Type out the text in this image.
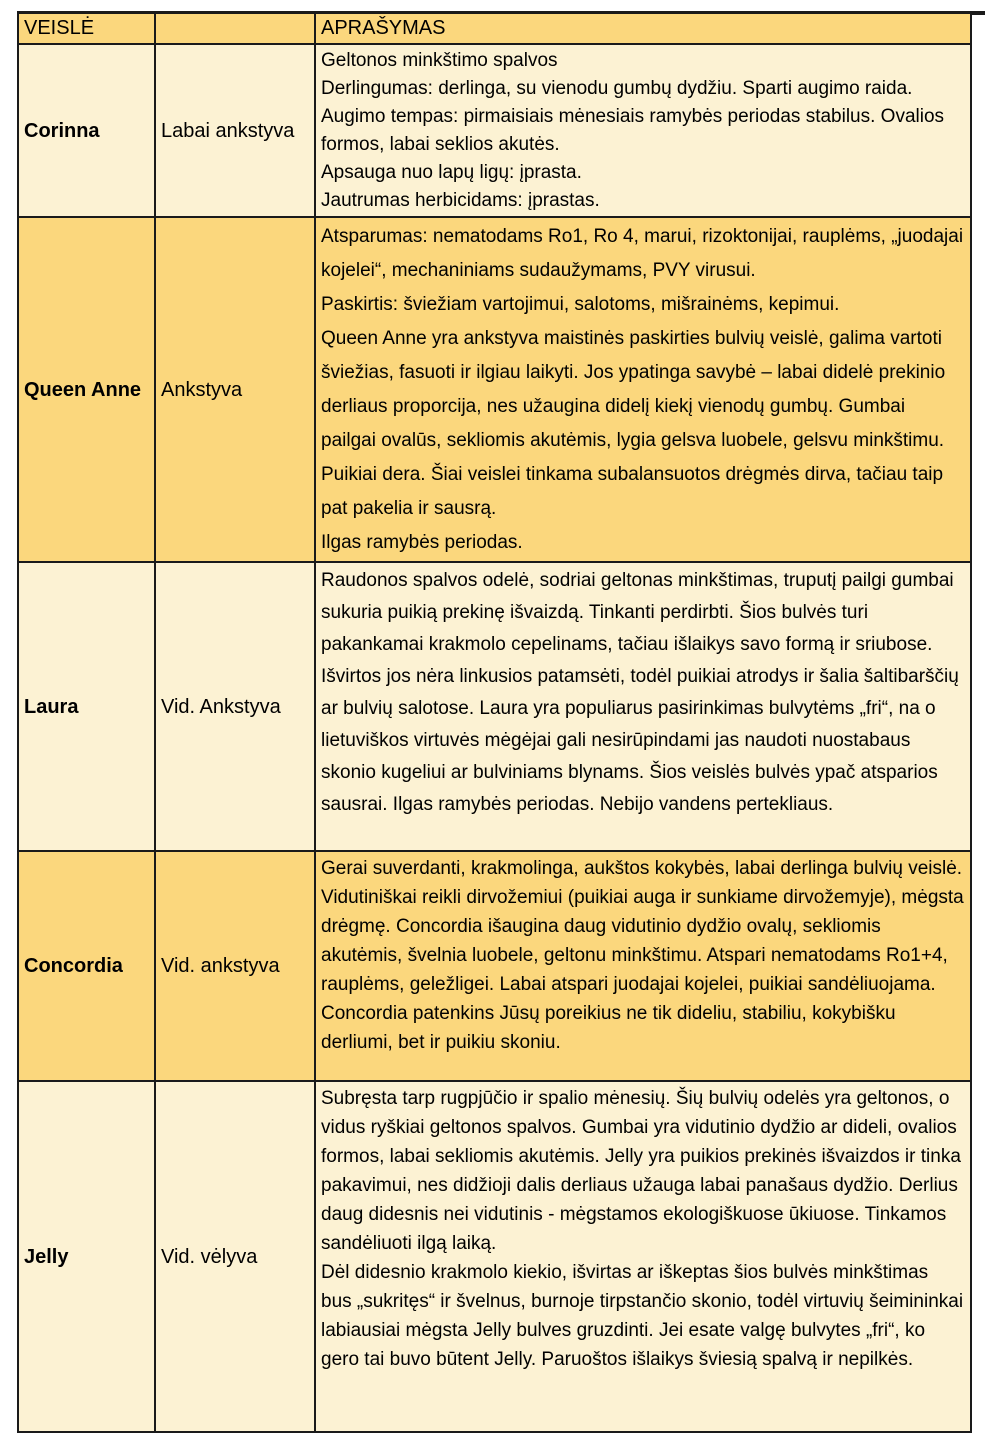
VEISLĖ		APRAŠYMAS
Corinna	Labai ankstyva	Geltonos minkštimo spalvos
Derlingumas: derlinga, su vienodu gumbų dydžiu. Sparti augimo raida. Augimo tempas: pirmaisiais mėnesiais ramybės periodas stabilus. Ovalios formos, labai seklios akutės.
Apsauga nuo lapų ligų: įprasta.
Jautrumas herbicidams: įprastas.

Queen Anne	Ankstyva	Atsparumas: nematodams Ro1, Ro 4, marui, rizoktonijai, rauplėms, „juodajai kojelei“, mechaniniams sudaužymams, PVY virusui.
Paskirtis: šviežiam vartojimui, salotoms, mišrainėms, kepimui.
Queen Anne yra ankstyva maistinės paskirties bulvių veislė, galima vartoti šviežias, fasuoti ir ilgiau laikyti. Jos ypatinga savybė – labai didelė prekinio derliaus proporcija, nes užaugina didelį kiekį vienodų gumbų. Gumbai pailgai ovalūs, sekliomis akutėmis, lygia gelsva luobele, gelsvu minkštimu. Puikiai dera. Šiai veislei tinkama subalansuotos drėgmės dirva, tačiau taip pat pakelia ir sausrą.
Ilgas ramybės periodas.

Laura	Vid. Ankstyva	Raudonos spalvos odelė, sodriai geltonas minkštimas, truputį pailgi gumbai sukuria puikią prekinę išvaizdą. Tinkanti perdirbti. Šios bulvės turi pakankamai krakmolo cepelinams, tačiau išlaikys savo formą ir sriubose. Išvirtos jos nėra linkusios patamsėti, todėl puikiai atrodys ir šalia šaltibarščių ar bulvių salotose. Laura yra populiarus pasirinkimas bulvytėms „fri“, na o lietuviškos virtuvės mėgėjai gali nesirūpindami jas naudoti nuostabaus skonio kugeliui ar bulviniams blynams. Šios veislės bulvės ypač atsparios sausrai. Ilgas ramybės periodas. Nebijo vandens pertekliaus.

Concordia	Vid. ankstyva	Gerai suverdanti, krakmolinga, aukštos kokybės, labai derlinga bulvių veislė. Vidutiniškai reikli dirvožemiui (puikiai auga ir sunkiame dirvožemyje), mėgsta drėgmę. Concordia išaugina daug vidutinio dydžio ovalų, sekliomis akutėmis, švelnia luobele, geltonu minkštimu. Atspari nematodams Ro1+4, rauplėms, geležligei. Labai atspari juodajai kojelei, puikiai sandėliuojama. Concordia patenkins Jūsų poreikius ne tik dideliu, stabiliu, kokybišku derliumi, bet ir puikiu skoniu.

Jelly	Vid. vėlyva	Subręsta tarp rugpjūčio ir spalio mėnesių. Šių bulvių odelės yra geltonos, o vidus ryškiai geltonos spalvos. Gumbai yra vidutinio dydžio ar dideli, ovalios formos, labai sekliomis akutėmis. Jelly yra puikios prekinės išvaizdos ir tinka pakavimui, nes didžioji dalis derliaus užauga labai panašaus dydžio. Derlius daug didesnis nei vidutinis - mėgstamos ekologiškuose ūkiuose. Tinkamos sandėliuoti ilgą laiką.
Dėl didesnio krakmolo kiekio, išvirtas ar iškeptas šios bulvės minkštimas bus „sukritęs“ ir švelnus, burnoje tirpstančio skonio, todėl virtuvių šeimininkai labiausiai mėgsta Jelly bulves gruzdinti. Jei esate valgę bulvytes „fri“, ko gero tai buvo būtent Jelly. Paruoštos išlaikys šviesią spalvą ir nepilkės.
